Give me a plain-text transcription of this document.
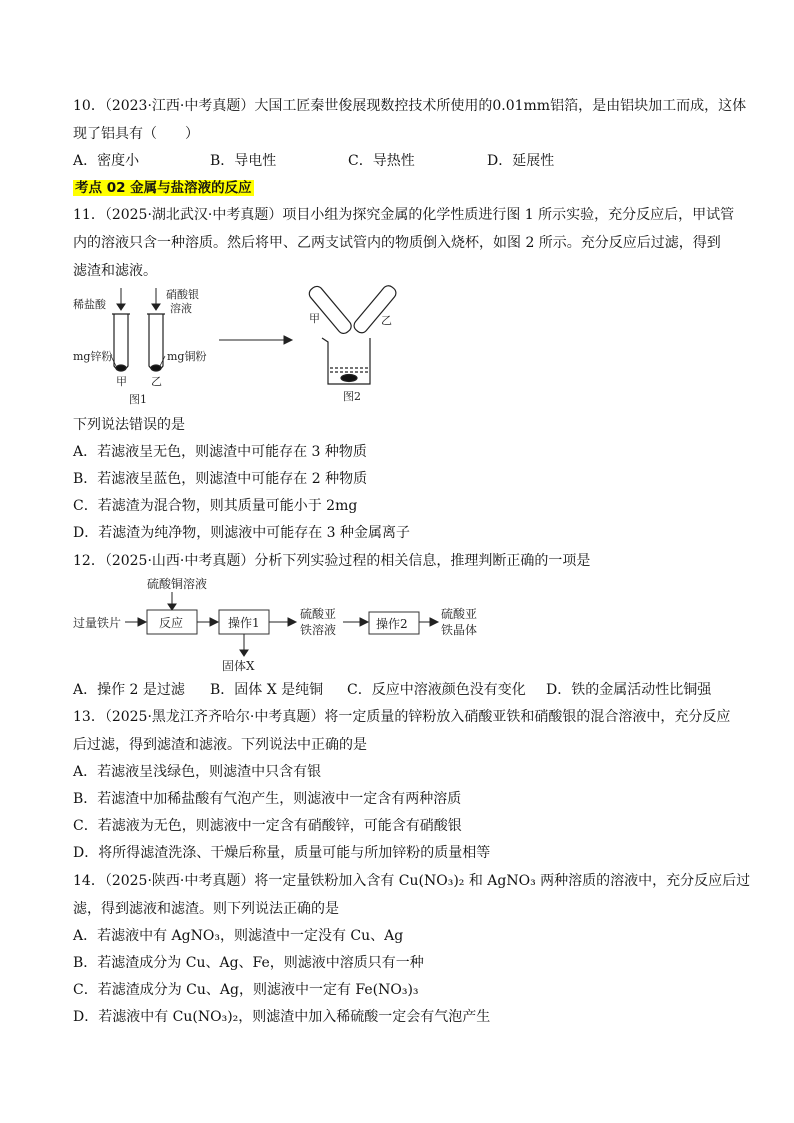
10．（2023·江西·中考真题）大国工匠秦世俊展现数控技术所使用的0.01mm铝箔，是由铝块加工而成，这体
现了铝具有（　　）
A．密度小	B．导电性	C．导热性	D．延展性
考点 02 金属与盐溶液的反应
11．（2025·湖北武汉·中考真题）项目小组为探究金属的化学性质进行图 1 所示实验，充分反应后，甲试管
内的溶液只含一种溶质。然后将甲、乙两支试管内的物质倒入烧杯，如图 2 所示。充分反应后过滤，得到
滤渣和滤液。
稀盐酸
硝酸银
溶液
mg锌粉	mg铜粉
甲 乙
图1
甲	乙
图2
下列说法错误的是
A．若滤液呈无色，则滤渣中可能存在 3 种物质
B．若滤液呈蓝色，则滤渣中可能存在 2 种物质
C．若滤渣为混合物，则其质量可能小于 2mg
D．若滤渣为纯净物，则滤液中可能存在 3 种金属离子
12．（2025·山西·中考真题）分析下列实验过程的相关信息，推理判断正确的一项是
硫酸铜溶液
过量铁片	反应	操作1
硫酸亚
铁溶液	操作2
硫酸亚
铁晶体
固体X
A．操作 2 是过滤 B．固体 X 是纯铜 C．反应中溶液颜色没有变化 D．铁的金属活动性比铜强
13．（2025·黑龙江齐齐哈尔·中考真题）将一定质量的锌粉放入硝酸亚铁和硝酸银的混合溶液中，充分反应
后过滤，得到滤渣和滤液。下列说法中正确的是
A．若滤液呈浅绿色，则滤渣中只含有银
B．若滤渣中加稀盐酸有气泡产生，则滤液中一定含有两种溶质
C．若滤液为无色，则滤液中一定含有硝酸锌，可能含有硝酸银
D．将所得滤渣洗涤、干燥后称量，质量可能与所加锌粉的质量相等
14．（2025·陕西·中考真题）将一定量铁粉加入含有 Cu(NO₃)₂ 和 AgNO₃ 两种溶质的溶液中，充分反应后过
滤，得到滤液和滤渣。则下列说法正确的是
A．若滤液中有 AgNO₃，则滤渣中一定没有 Cu、Ag
B．若滤渣成分为 Cu、Ag、Fe，则滤液中溶质只有一种
C．若滤渣成分为 Cu、Ag，则滤液中一定有 Fe(NO₃)₃
D．若滤液中有 Cu(NO₃)₂，则滤渣中加入稀硫酸一定会有气泡产生
